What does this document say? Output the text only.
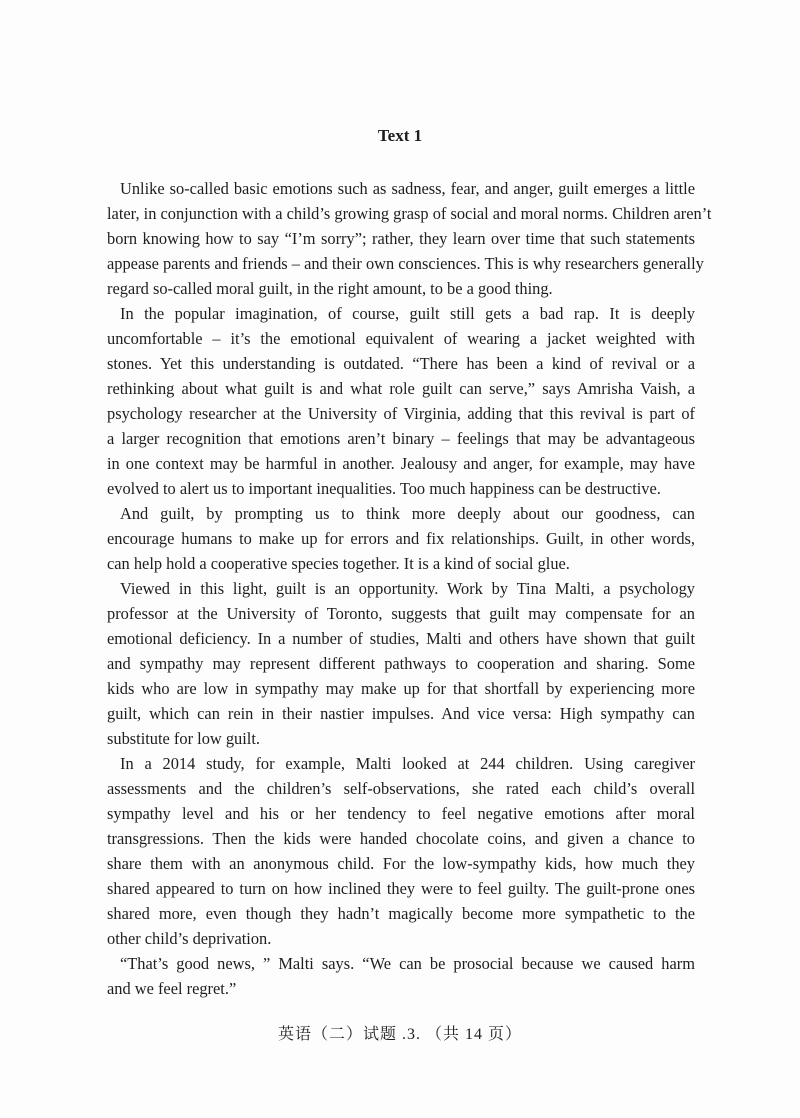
Text 1
Unlike so-called basic emotions such as sadness, fear, and anger, guilt emerges a little
later, in conjunction with a child’s growing grasp of social and moral norms. Children aren’t
born knowing how to say “I’m sorry”; rather, they learn over time that such statements
appease parents and friends – and their own consciences. This is why researchers generally
regard so-called moral guilt, in the right amount, to be a good thing.
In the popular imagination, of course, guilt still gets a bad rap. It is deeply
uncomfortable – it’s the emotional equivalent of wearing a jacket weighted with
stones. Yet this understanding is outdated. “There has been a kind of revival or a
rethinking about what guilt is and what role guilt can serve,” says Amrisha Vaish, a
psychology researcher at the University of Virginia, adding that this revival is part of
a larger recognition that emotions aren’t binary – feelings that may be advantageous
in one context may be harmful in another. Jealousy and anger, for example, may have
evolved to alert us to important inequalities. Too much happiness can be destructive.
And guilt, by prompting us to think more deeply about our goodness, can
encourage humans to make up for errors and fix relationships. Guilt, in other words,
can help hold a cooperative species together. It is a kind of social glue.
Viewed in this light, guilt is an opportunity. Work by Tina Malti, a psychology
professor at the University of Toronto, suggests that guilt may compensate for an
emotional deficiency. In a number of studies, Malti and others have shown that guilt
and sympathy may represent different pathways to cooperation and sharing. Some
kids who are low in sympathy may make up for that shortfall by experiencing more
guilt, which can rein in their nastier impulses. And vice versa: High sympathy can
substitute for low guilt.
In a 2014 study, for example, Malti looked at 244 children. Using caregiver
assessments and the children’s self-observations, she rated each child’s overall
sympathy level and his or her tendency to feel negative emotions after moral
transgressions. Then the kids were handed chocolate coins, and given a chance to
share them with an anonymous child. For the low-sympathy kids, how much they
shared appeared to turn on how inclined they were to feel guilty. The guilt-prone ones
shared more, even though they hadn’t magically become more sympathetic to the
other child’s deprivation.
“That’s good news, ” Malti says. “We can be prosocial because we caused harm
and we feel regret.”
英语（二）试题 .3. （共 14 页）
